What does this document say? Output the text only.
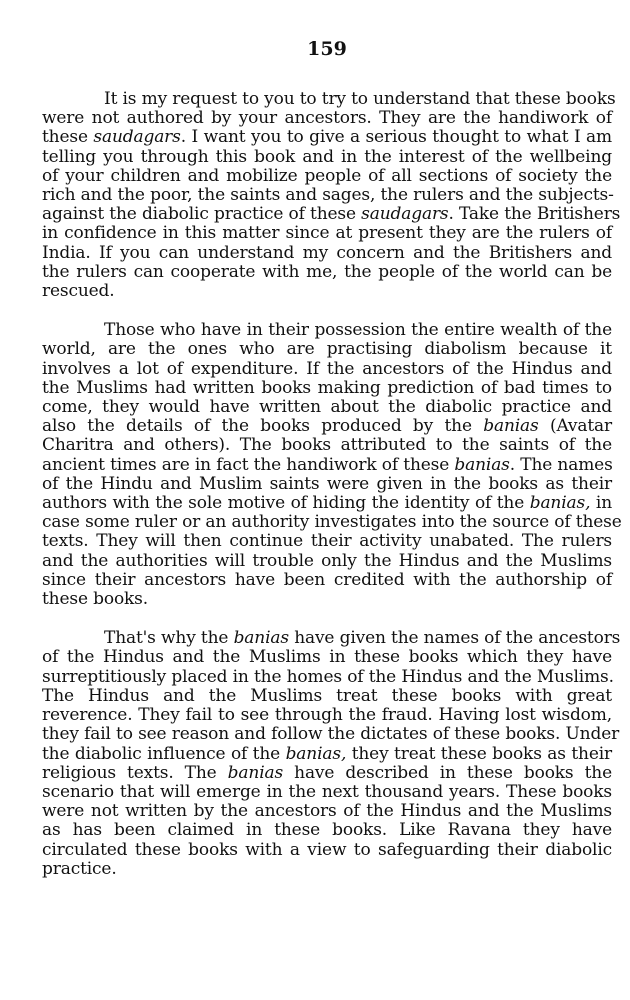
159
It is my request to you to try to understand that these books
were not authored by your ancestors. They are the handiwork of
these saudagars. I want you to give a serious thought to what I am
telling you through this book and in the interest of the wellbeing
of your children and mobilize people of all sections of society the
rich and the poor, the saints and sages, the rulers and the subjects-
against the diabolic practice of these saudagars. Take the Britishers
in confidence in this matter since at present they are the rulers of
India. If you can understand my concern and the Britishers and
the rulers can cooperate with me, the people of the world can be
rescued.
Those who have in their possession the entire wealth of the
world, are the ones who are practising diabolism because it
involves a lot of expenditure. If the ancestors of the Hindus and
the Muslims had written books making prediction of bad times to
come, they would have written about the diabolic practice and
also the details of the books produced by the banias (Avatar
Charitra and others). The books attributed to the saints of the
ancient times are in fact the handiwork of these banias. The names
of the Hindu and Muslim saints were given in the books as their
authors with the sole motive of hiding the identity of the banias, in
case some ruler or an authority investigates into the source of these
texts. They will then continue their activity unabated. The rulers
and the authorities will trouble only the Hindus and the Muslims
since their ancestors have been credited with the authorship of
these books.
That's why the banias have given the names of the ancestors
of the Hindus and the Muslims in these books which they have
surreptitiously placed in the homes of the Hindus and the Muslims.
The Hindus and the Muslims treat these books with great
reverence. They fail to see through the fraud. Having lost wisdom,
they fail to see reason and follow the dictates of these books. Under
the diabolic influence of the banias, they treat these books as their
religious texts. The banias have described in these books the
scenario that will emerge in the next thousand years. These books
were not written by the ancestors of the Hindus and the Muslims
as has been claimed in these books. Like Ravana they have
circulated these books with a view to safeguarding their diabolic
practice.
